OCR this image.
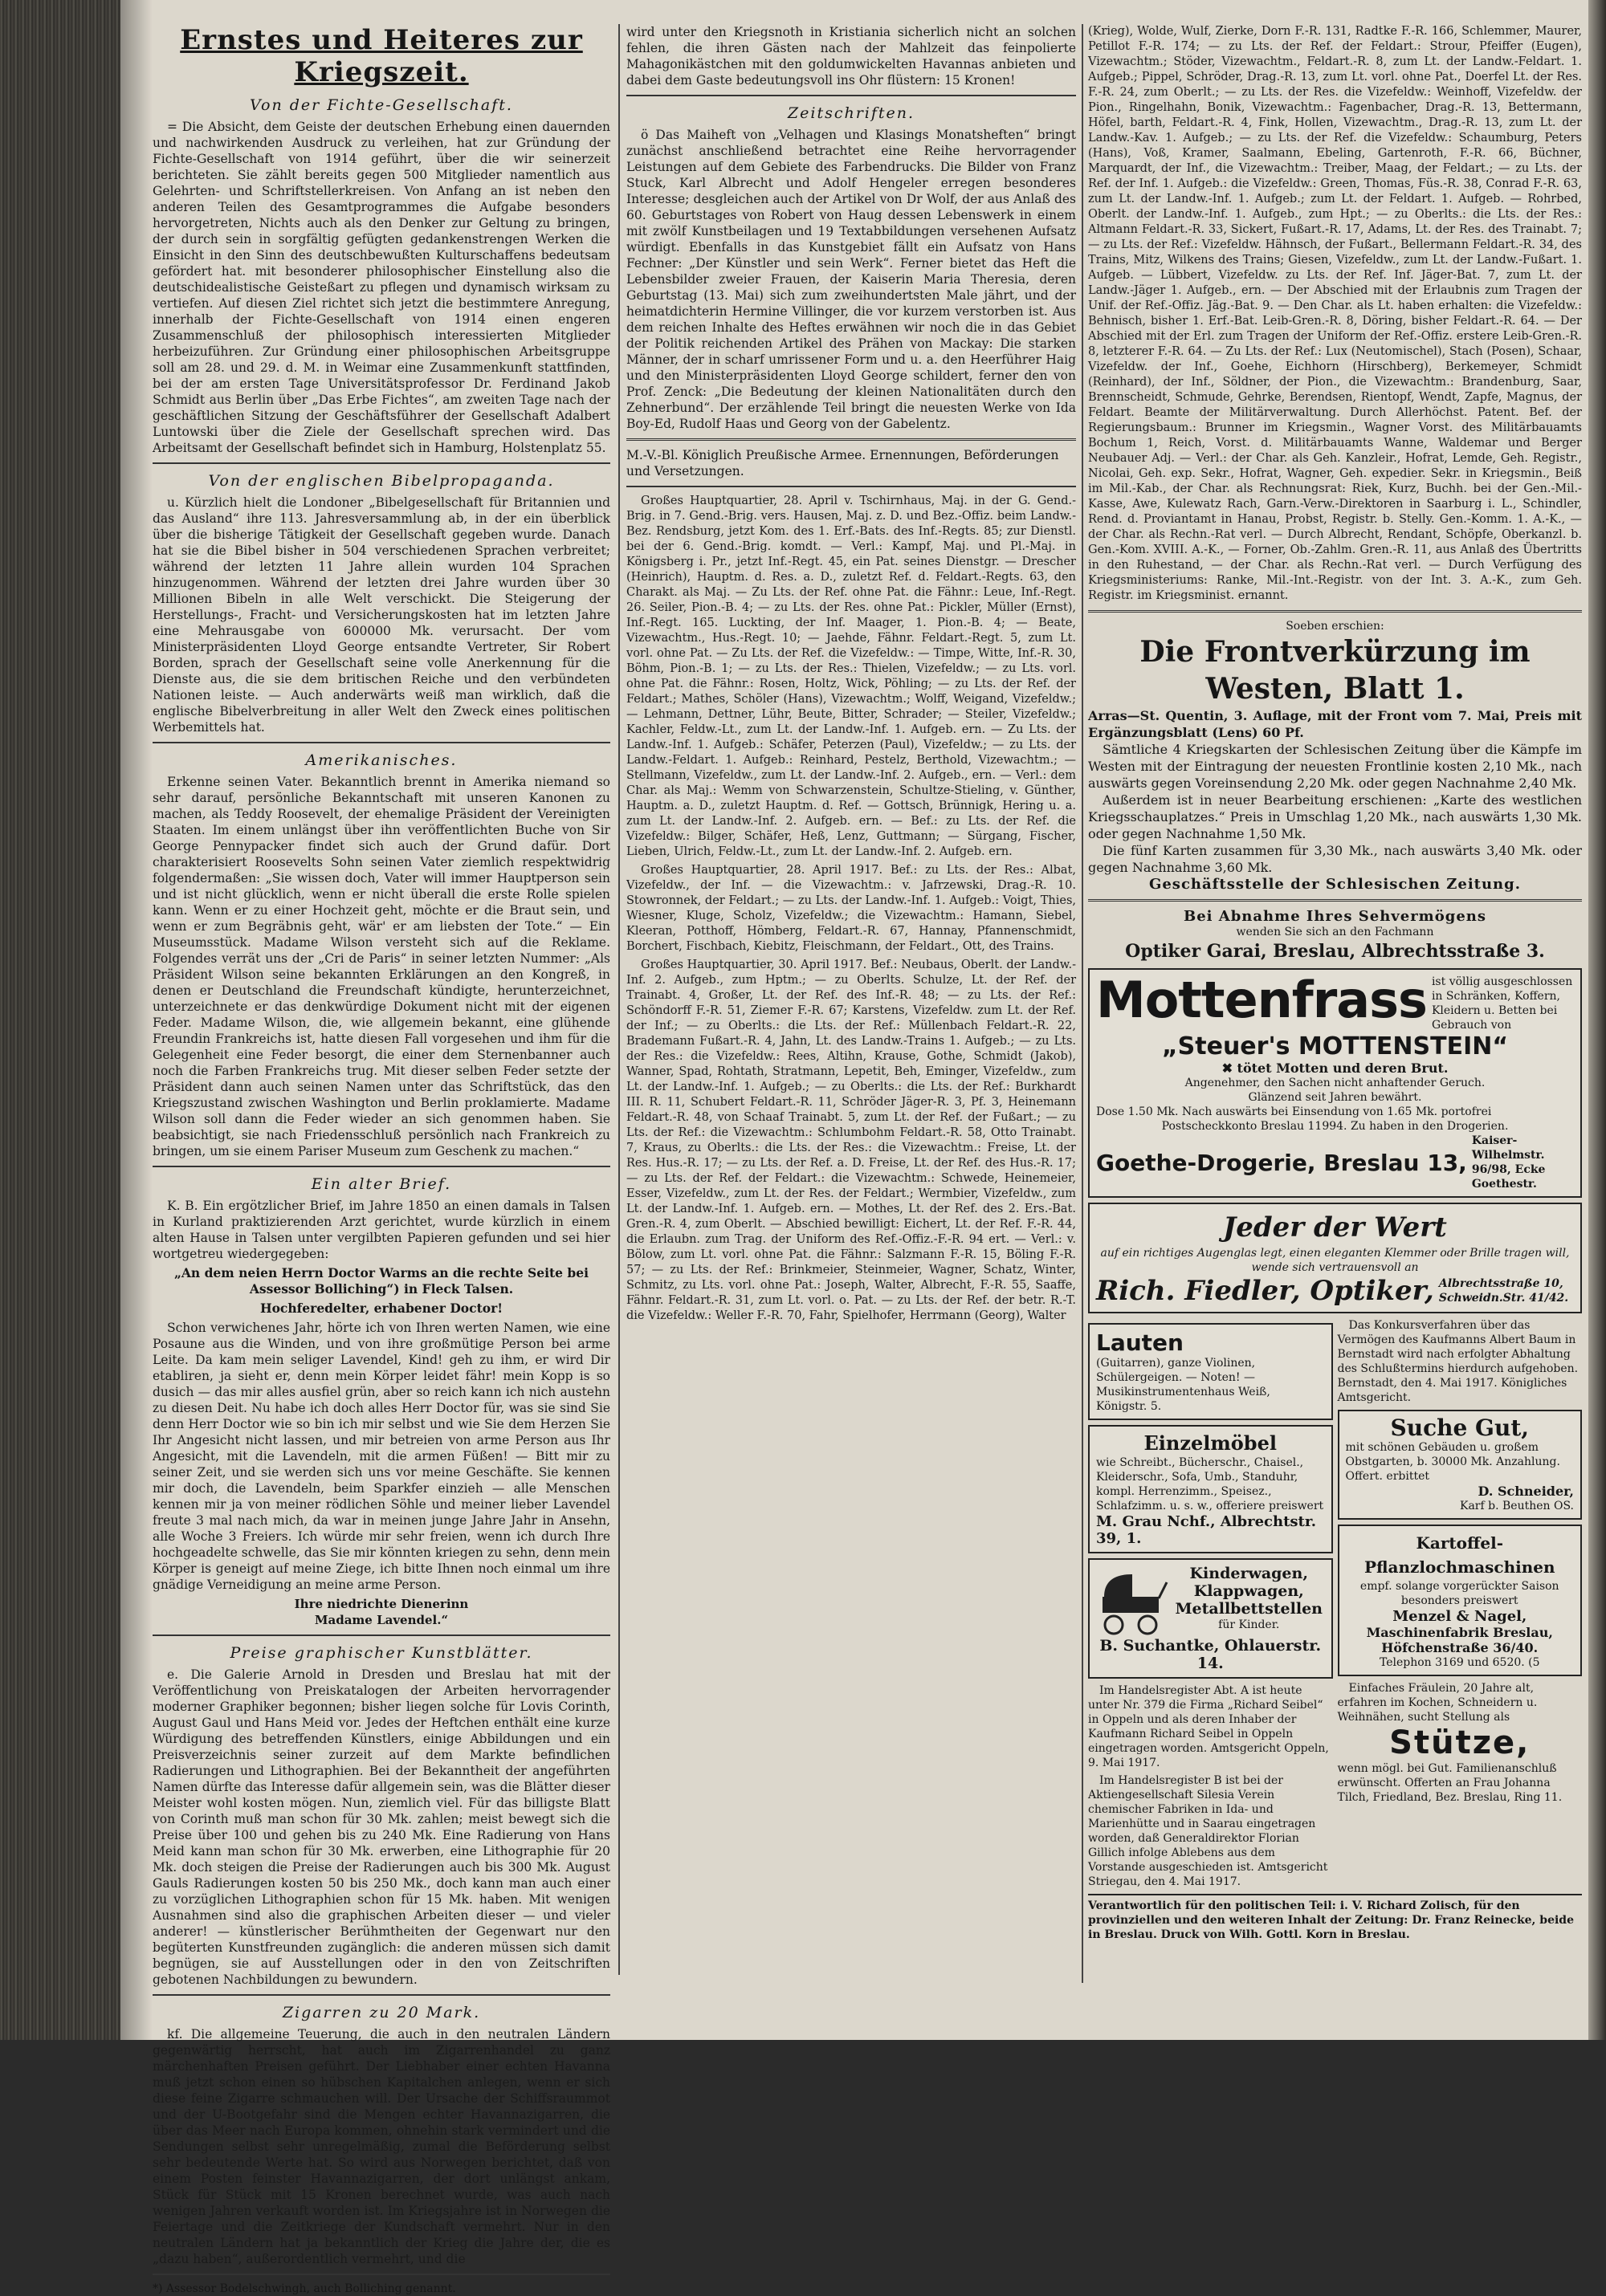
Ernstes und Heiteres zur Kriegszeit.
Von der Fichte-Gesellschaft.
= Die Absicht, dem Geiste der deutschen Erhebung einen dauernden und nachwirkenden Ausdruck zu verleihen, hat zur Gründung der Fichte-Gesellschaft von 1914 geführt, über die wir seinerzeit berichteten. Sie zählt bereits gegen 500 Mitglieder namentlich aus Gelehrten- und Schriftstellerkreisen. Von Anfang an ist neben den anderen Teilen des Gesamtprogrammes die Aufgabe besonders hervorgetreten, Nichts auch als den Denker zur Geltung zu bringen, der durch sein in sorgfältig gefügten gedankenstrengen Werken die Einsicht in den Sinn des deutschbewußten Kulturschaffens bedeutsam gefördert hat. mit besonderer philosophischer Einstellung also die deutschidealistische Geisteßart zu pflegen und dynamisch wirksam zu vertiefen. Auf diesen Ziel richtet sich jetzt die bestimmtere Anregung, innerhalb der Fichte-Gesellschaft von 1914 einen engeren Zusammenschluß der philosophisch interessierten Mitglieder herbeizuführen. Zur Gründung einer philosophischen Arbeitsgruppe soll am 28. und 29. d. M. in Weimar eine Zusammenkunft stattfinden, bei der am ersten Tage Universitätsprofessor Dr. Ferdinand Jakob Schmidt aus Berlin über „Das Erbe Fichtes“, am zweiten Tage nach der geschäftlichen Sitzung der Geschäftsführer der Gesellschaft Adalbert Luntowski über die Ziele der Gesellschaft sprechen wird. Das Arbeitsamt der Gesellschaft befindet sich in Hamburg, Holstenplatz 55.
Von der englischen Bibelpropaganda.
u. Kürzlich hielt die Londoner „Bibelgesellschaft für Britannien und das Ausland“ ihre 113. Jahresversammlung ab, in der ein überblick über die bisherige Tätigkeit der Gesellschaft gegeben wurde. Danach hat sie die Bibel bisher in 504 verschiedenen Sprachen verbreitet; während der letzten 11 Jahre allein wurden 104 Sprachen hinzugenommen. Während der letzten drei Jahre wurden über 30 Millionen Bibeln in alle Welt verschickt. Die Steigerung der Herstellungs-, Fracht- und Versicherungskosten hat im letzten Jahre eine Mehrausgabe von 600000 Mk. verursacht. Der vom Ministerpräsidenten Lloyd George entsandte Vertreter, Sir Robert Borden, sprach der Gesellschaft seine volle Anerkennung für die Dienste aus, die sie dem britischen Reiche und den verbündeten Nationen leiste. — Auch anderwärts weiß man wirklich, daß die englische Bibelverbreitung in aller Welt den Zweck eines politischen Werbemittels hat.
Amerikanisches.
Erkenne seinen Vater. Bekanntlich brennt in Amerika niemand so sehr darauf, persönliche Bekanntschaft mit unseren Kanonen zu machen, als Teddy Roosevelt, der ehemalige Präsident der Vereinigten Staaten. Im einem unlängst über ihn veröffentlichten Buche von Sir George Pennypacker findet sich auch der Grund dafür. Dort charakterisiert Roosevelts Sohn seinen Vater ziemlich respektwidrig folgendermaßen: „Sie wissen doch, Vater will immer Hauptperson sein und ist nicht glücklich, wenn er nicht überall die erste Rolle spielen kann. Wenn er zu einer Hochzeit geht, möchte er die Braut sein, und wenn er zum Begräbnis geht, wär' er am liebsten der Tote.“ — Ein Museumsstück. Madame Wilson versteht sich auf die Reklame. Folgendes verrät uns der „Cri de Paris“ in seiner letzten Nummer: „Als Präsident Wilson seine bekannten Erklärungen an den Kongreß, in denen er Deutschland die Freundschaft kündigte, herunterzeichnet, unterzeichnete er das denkwürdige Dokument nicht mit der eigenen Feder. Madame Wilson, die, wie allgemein bekannt, eine glühende Freundin Frankreichs ist, hatte diesen Fall vorgesehen und ihm für die Gelegenheit eine Feder besorgt, die einer dem Sternenbanner auch noch die Farben Frankreichs trug. Mit dieser selben Feder setzte der Präsident dann auch seinen Namen unter das Schriftstück, das den Kriegszustand zwischen Washington und Berlin proklamierte. Madame Wilson soll dann die Feder wieder an sich genommen haben. Sie beabsichtigt, sie nach Friedensschluß persönlich nach Frankreich zu bringen, um sie einem Pariser Museum zum Geschenk zu machen.“
Ein alter Brief.
K. B. Ein ergötzlicher Brief, im Jahre 1850 an einen damals in Talsen in Kurland praktizierenden Arzt gerichtet, wurde kürzlich in einem alten Hause in Talsen unter vergilbten Papieren gefunden und sei hier wortgetreu wiedergegeben:
„An dem neien Herrn Doctor Warms an die rechte Seite bei Assessor Bolliching“) in Fleck Talsen.
Hochferedelter, erhabener Doctor!
Schon verwichenes Jahr, hörte ich von Ihren werten Namen, wie eine Posaune aus die Winden, und von ihre großmütige Person bei arme Leite. Da kam mein seliger Lavendel, Kind! geh zu ihm, er wird Dir etabliren, ja sieht er, denn mein Körper leidet fähr! mein Kopp is so dusich — das mir alles ausfiel grün, aber so reich kann ich nich austehn zu diesen Deit. Nu habe ich doch alles Herr Doctor für, was sie sind Sie denn Herr Doctor wie so bin ich mir selbst und wie Sie dem Herzen Sie Ihr Angesicht nicht lassen, und mir betreien von arme Person aus Ihr Angesicht, mit die Lavendeln, mit die armen Füßen! — Bitt mir zu seiner Zeit, und sie werden sich uns vor meine Geschäfte. Sie kennen mir doch, die Lavendeln, beim Sparkfer einzieh — alle Menschen kennen mir ja von meiner rödlichen Söhle und meiner lieber Lavendel freute 3 mal nach mich, da war in meinen junge Jahre Jahr in Ansehn, alle Woche 3 Freiers. Ich würde mir sehr freien, wenn ich durch Ihre hochgeadelte schwelle, das Sie mir könnten kriegen zu sehn, denn mein Körper is geneigt auf meine Ziege, ich bitte Ihnen noch einmal um ihre gnädige Verneidigung an meine arme Person.
Ihre niedrichte Dienerinn
Madame Lavendel.“
Preise graphischer Kunstblätter.
e. Die Galerie Arnold in Dresden und Breslau hat mit der Veröffentlichung von Preiskatalogen der Arbeiten hervorragender moderner Graphiker begonnen; bisher liegen solche für Lovis Corinth, August Gaul und Hans Meid vor. Jedes der Heftchen enthält eine kurze Würdigung des betreffenden Künstlers, einige Abbildungen und ein Preisverzeichnis seiner zurzeit auf dem Markte befindlichen Radierungen und Lithographien. Bei der Bekanntheit der angeführten Namen dürfte das Interesse dafür allgemein sein, was die Blätter dieser Meister wohl kosten mögen. Nun, ziemlich viel. Für das billigste Blatt von Corinth muß man schon für 30 Mk. zahlen; meist bewegt sich die Preise über 100 und gehen bis zu 240 Mk. Eine Radierung von Hans Meid kann man schon für 30 Mk. erwerben, eine Lithographie für 20 Mk. doch steigen die Preise der Radierungen auch bis 300 Mk. August Gauls Radierungen kosten 50 bis 250 Mk., doch kann man auch einer zu vorzüglichen Lithographien schon für 15 Mk. haben. Mit wenigen Ausnahmen sind also die graphischen Arbeiten dieser — und vieler anderer! — künstlerischer Berühmtheiten der Gegenwart nur den begüterten Kunstfreunden zugänglich: die anderen müssen sich damit begnügen, sie auf Ausstellungen oder in den von Zeitschriften gebotenen Nachbildungen zu bewundern.
Zigarren zu 20 Mark.
kf. Die allgemeine Teuerung, die auch in den neutralen Ländern gegenwärtig herrscht, hat auch im Zigarrenhandel zu ganz märchenhaften Preisen geführt. Der Liebhaber einer echten Havanna muß jetzt schon einen so hübschen Kapitalchen anlegen, wenn er sich diese feine Zigarre schmauchen will. Der Ursache der Schiffsraummot und der U-Bootgefahr sind die Mengen echter Havannazigarren, die über das Meer nach Europa kommen, ohnehin stark vermindert und die Sendungen selbst sehr unregelmäßig, zumal die Beförderung selbst sehr bedeutende Werte hat. So wird aus Norwegen berichtet, daß von einem Posten feinster Havannazigarren, der dort unlängst ankam, Stück für Stück mit 15 Kronen berechnet wurde, was auch nach wenigen Jahren verkauft worden ist. Im Kriegsjahre ist in Norwegen die Feiertage und die Zeitkriege der Kundschaft vermehrt. Nur in den neutralen Ländern hat ja bekanntlich der Krieg die Jahre der, die es „dazu haben“, außerordentlich vermehrt, und die
*) Assessor Bodelschwingh, auch Bolliching genannt.
wird unter den Kriegsnoth in Kristiania sicherlich nicht an solchen fehlen, die ihren Gästen nach der Mahlzeit das feinpolierte Mahagonikästchen mit den goldumwickelten Havannas anbieten und dabei dem Gaste bedeutungsvoll ins Ohr flüstern: 15 Kronen!
Zeitschriften.
ö Das Maiheft von „Velhagen und Klasings Monatsheften“ bringt zunächst anschließend betrachtet eine Reihe hervorragender Leistungen auf dem Gebiete des Farbendrucks. Die Bilder von Franz Stuck, Karl Albrecht und Adolf Hengeler erregen besonderes Interesse; desgleichen auch der Artikel von Dr Wolf, der aus Anlaß des 60. Geburtstages von Robert von Haug dessen Lebenswerk in einem mit zwölf Kunstbeilagen und 19 Textabbildungen versehenen Aufsatz würdigt. Ebenfalls in das Kunstgebiet fällt ein Aufsatz von Hans Fechner: „Der Künstler und sein Werk“. Ferner bietet das Heft die Lebensbilder zweier Frauen, der Kaiserin Maria Theresia, deren Geburtstag (13. Mai) sich zum zweihundertsten Male jährt, und der heimatdichterin Hermine Villinger, die vor kurzem verstorben ist. Aus dem reichen Inhalte des Heftes erwähnen wir noch die in das Gebiet der Politik reichenden Artikel des Prähen von Mackay: Die starken Männer, der in scharf umrissener Form und u. a. den Heerführer Haig und den Ministerpräsidenten Lloyd George schildert, ferner den von Prof. Zenck: „Die Bedeutung der kleinen Nationalitäten durch den Zehnerbund“. Der erzählende Teil bringt die neuesten Werke von Ida Boy-Ed, Rudolf Haas und Georg von der Gabelentz.
M.-V.-Bl. Königlich Preußische Armee. Ernennungen, Beförderungen und Versetzungen.
Großes Hauptquartier, 28. April v. Tschirnhaus, Maj. in der G. Gend.-Brig. in 7. Gend.-Brig. vers. Hausen, Maj. z. D. und Bez.-Offiz. beim Landw.-Bez. Rendsburg, jetzt Kom. des 1. Erf.-Bats. des Inf.-Regts. 85; zur Dienstl. bei der 6. Gend.-Brig. komdt. — Verl.: Kampf, Maj. und Pl.-Maj. in Königsberg i. Pr., jetzt Inf.-Regt. 45, ein Pat. seines Dienstgr. — Drescher (Heinrich), Hauptm. d. Res. a. D., zuletzt Ref. d. Feldart.-Regts. 63, den Charakt. als Maj. — Zu Lts. der Ref. ohne Pat. die Fähnr.: Leue, Inf.-Regt. 26. Seiler, Pion.-B. 4; — zu Lts. der Res. ohne Pat.: Pickler, Müller (Ernst), Inf.-Regt. 165. Luckting, der Inf. Maager, 1. Pion.-B. 4; — Beate, Vizewachtm., Hus.-Regt. 10; — Jaehde, Fähnr. Feldart.-Regt. 5, zum Lt. vorl. ohne Pat. — Zu Lts. der Ref. die Vizefeldw.: — Timpe, Witte, Inf.-R. 30, Böhm, Pion.-B. 1; — zu Lts. der Res.: Thielen, Vizefeldw.; — zu Lts. vorl. ohne Pat. die Fähnr.: Rosen, Holtz, Wick, Pöhling; — zu Lts. der Ref. der Feldart.; Mathes, Schöler (Hans), Vizewachtm.; Wolff, Weigand, Vizefeldw.; — Lehmann, Dettner, Lühr, Beute, Bitter, Schrader; — Steiler, Vizefeldw.; Kachler, Feldw.-Lt., zum Lt. der Landw.-Inf. 1. Aufgeb. ern. — Zu Lts. der Landw.-Inf. 1. Aufgeb.: Schäfer, Peterzen (Paul), Vizefeldw.; — zu Lts. der Landw.-Feldart. 1. Aufgeb.: Reinhard, Pestelz, Berthold, Vizewachtm.; — Stellmann, Vizefeldw., zum Lt. der Landw.-Inf. 2. Aufgeb., ern. — Verl.: dem Char. als Maj.: Wemm von Schwarzenstein, Schultze-Stieling, v. Günther, Hauptm. a. D., zuletzt Hauptm. d. Ref. — Gottsch, Brünnigk, Hering u. a. zum Lt. der Landw.-Inf. 2. Aufgeb. ern. — Bef.: zu Lts. der Ref. die Vizefeldw.: Bilger, Schäfer, Heß, Lenz, Guttmann; — Sürgang, Fischer, Lieben, Ulrich, Feldw.-Lt., zum Lt. der Landw.-Inf. 2. Aufgeb. ern.
Großes Hauptquartier, 28. April 1917. Bef.: zu Lts. der Res.: Albat, Vizefeldw., der Inf. — die Vizewachtm.: v. Jafrzewski, Drag.-R. 10. Stowronnek, der Feldart.; — zu Lts. der Landw.-Inf. 1. Aufgeb.: Voigt, Thies, Wiesner, Kluge, Scholz, Vizefeldw.; die Vizewachtm.: Hamann, Siebel, Kleeran, Potthoff, Hömberg, Feldart.-R. 67, Hannay, Pfannenschmidt, Borchert, Fischbach, Kiebitz, Fleischmann, der Feldart., Ott, des Trains.
Großes Hauptquartier, 30. April 1917. Bef.: Neubaus, Oberlt. der Landw.-Inf. 2. Aufgeb., zum Hptm.; — zu Oberlts. Schulze, Lt. der Ref. der Trainabt. 4, Großer, Lt. der Ref. des Inf.-R. 48; — zu Lts. der Ref.: Schöndorff F.-R. 51, Ziemer F.-R. 67; Karstens, Vizefeldw. zum Lt. der Ref. der Inf.; — zu Oberlts.: die Lts. der Ref.: Müllenbach Feldart.-R. 22, Brademann Fußart.-R. 4, Jahn, Lt. des Landw.-Trains 1. Aufgeb.; — zu Lts. der Res.: die Vizefeldw.: Rees, Altihn, Krause, Gothe, Schmidt (Jakob), Wanner, Spad, Rohtath, Stratmann, Lepetit, Beh, Eminger, Vizefeldw., zum Lt. der Landw.-Inf. 1. Aufgeb.; — zu Oberlts.: die Lts. der Ref.: Burkhardt III. R. 11, Schubert Feldart.-R. 11, Schröder Jäger-R. 3, Pf. 3, Heinemann Feldart.-R. 48, von Schaaf Trainabt. 5, zum Lt. der Ref. der Fußart.; — zu Lts. der Ref.: die Vizewachtm.: Schlumbohm Feldart.-R. 58, Otto Trainabt. 7, Kraus, zu Oberlts.: die Lts. der Res.: die Vizewachtm.: Freise, Lt. der Res. Hus.-R. 17; — zu Lts. der Ref. a. D. Freise, Lt. der Ref. des Hus.-R. 17; — zu Lts. der Ref. der Feldart.: die Vizewachtm.: Schwede, Heinemeier, Esser, Vizefeldw., zum Lt. der Res. der Feldart.; Wermbier, Vizefeldw., zum Lt. der Landw.-Inf. 1. Aufgeb. ern. — Mothes, Lt. der Ref. des 2. Ers.-Bat. Gren.-R. 4, zum Oberlt. — Abschied bewilligt: Eichert, Lt. der Ref. F.-R. 44, die Erlaubn. zum Trag. der Uniform des Ref.-Offiz.-F.-R. 94 ert. — Verl.: v. Bölow, zum Lt. vorl. ohne Pat. die Fähnr.: Salzmann F.-R. 15, Böling F.-R. 57; — zu Lts. der Ref.: Brinkmeier, Steinmeier, Wagner, Schatz, Winter, Schmitz, zu Lts. vorl. ohne Pat.: Joseph, Walter, Albrecht, F.-R. 55, Saaffe, Fähnr. Feldart.-R. 31, zum Lt. vorl. o. Pat. — zu Lts. der Ref. der betr. R.-T. die Vizefeldw.: Weller F.-R. 70, Fahr, Spielhofer, Herrmann (Georg), Walter
(Krieg), Wolde, Wulf, Zierke, Dorn F.-R. 131, Radtke F.-R. 166, Schlemmer, Maurer, Petillot F.-R. 174; — zu Lts. der Ref. der Feldart.: Strour, Pfeiffer (Eugen), Vizewachtm.; Stöder, Vizewachtm., Feldart.-R. 8, zum Lt. der Landw.-Feldart. 1. Aufgeb.; Pippel, Schröder, Drag.-R. 13, zum Lt. vorl. ohne Pat., Doerfel Lt. der Res. F.-R. 24, zum Oberlt.; — zu Lts. der Res. die Vizefeldw.: Weinhoff, Vizefeldw. der Pion., Ringelhahn, Bonik, Vizewachtm.: Fagenbacher, Drag.-R. 13, Bettermann, Höfel, barth, Feldart.-R. 4, Fink, Hollen, Vizewachtm., Drag.-R. 13, zum Lt. der Landw.-Kav. 1. Aufgeb.; — zu Lts. der Ref. die Vizefeldw.: Schaumburg, Peters (Hans), Voß, Kramer, Saalmann, Ebeling, Gartenroth, F.-R. 66, Büchner, Marquardt, der Inf., die Vizewachtm.: Treiber, Maag, der Feldart.; — zu Lts. der Ref. der Inf. 1. Aufgeb.: die Vizefeldw.: Green, Thomas, Füs.-R. 38, Conrad F.-R. 63, zum Lt. der Landw.-Inf. 1. Aufgeb.; zum Lt. der Feldart. 1. Aufgeb. — Rohrbed, Oberlt. der Landw.-Inf. 1. Aufgeb., zum Hpt.; — zu Oberlts.: die Lts. der Res.: Altmann Feldart.-R. 33, Sickert, Fußart.-R. 17, Adams, Lt. der Res. des Trainabt. 7; — zu Lts. der Ref.: Vizefeldw. Hähnsch, der Fußart., Bellermann Feldart.-R. 34, des Trains, Mitz, Wilkens des Trains; Giesen, Vizefeldw., zum Lt. der Landw.-Fußart. 1. Aufgeb. — Lübbert, Vizefeldw. zu Lts. der Ref. Inf. Jäger-Bat. 7, zum Lt. der Landw.-Jäger 1. Aufgeb., ern. — Der Abschied mit der Erlaubnis zum Tragen der Unif. der Ref.-Offiz. Jäg.-Bat. 9. — Den Char. als Lt. haben erhalten: die Vizefeldw.: Behnisch, bisher 1. Erf.-Bat. Leib-Gren.-R. 8, Döring, bisher Feldart.-R. 64. — Der Abschied mit der Erl. zum Tragen der Uniform der Ref.-Offiz. erstere Leib-Gren.-R. 8, letzterer F.-R. 64. — Zu Lts. der Ref.: Lux (Neutomischel), Stach (Posen), Schaar, Vizefeldw. der Inf., Goehe, Eichhorn (Hirschberg), Berkemeyer, Schmidt (Reinhard), der Inf., Söldner, der Pion., die Vizewachtm.: Brandenburg, Saar, Brennscheidt, Schmude, Gehrke, Berendsen, Rientopf, Wendt, Zapfe, Magnus, der Feldart. Beamte der Militärverwaltung. Durch Allerhöchst. Patent. Bef. der Regierungsbaum.: Brunner im Kriegsmin., Wagner Vorst. des Militärbauamts Bochum 1, Reich, Vorst. d. Militärbauamts Wanne, Waldemar und Berger Neubauer Adj. — Verl.: der Char. als Geh. Kanzleir., Hofrat, Lemde, Geh. Registr., Nicolai, Geh. exp. Sekr., Hofrat, Wagner, Geh. expedier. Sekr. in Kriegsmin., Beiß im Mil.-Kab., der Char. als Rechnungsrat: Riek, Kurz, Buchh. bei der Gen.-Mil.-Kasse, Awe, Kulewatz Rach, Garn.-Verw.-Direktoren in Saarburg i. L., Schindler, Rend. d. Proviantamt in Hanau, Probst, Registr. b. Stelly. Gen.-Komm. 1. A.-K., — der Char. als Rechn.-Rat verl. — Durch Albrecht, Rendant, Schöpfe, Oberkanzl. b. Gen.-Kom. XVIII. A.-K., — Forner, Ob.-Zahlm. Gren.-R. 11, aus Anlaß des Übertritts in den Ruhestand, — der Char. als Rechn.-Rat verl. — Durch Verfügung des Kriegsministeriums: Ranke, Mil.-Int.-Registr. von der Int. 3. A.-K., zum Geh. Registr. im Kriegsminist. ernannt.
Soeben erschien:
Die Frontverkürzung im Westen, Blatt 1.
Arras—St. Quentin, 3. Auflage, mit der Front vom 7. Mai, Preis mit Ergänzungsblatt (Lens) 60 Pf.
Sämtliche 4 Kriegskarten der Schlesischen Zeitung über die Kämpfe im Westen mit der Eintragung der neuesten Frontlinie kosten 2,10 Mk., nach auswärts gegen Voreinsendung 2,20 Mk. oder gegen Nachnahme 2,40 Mk.
Außerdem ist in neuer Bearbeitung erschienen: „Karte des westlichen Kriegsschauplatzes.“ Preis in Umschlag 1,20 Mk., nach auswärts 1,30 Mk. oder gegen Nachnahme 1,50 Mk.
Die fünf Karten zusammen für 3,30 Mk., nach auswärts 3,40 Mk. oder gegen Nachnahme 3,60 Mk.
Geschäftsstelle der Schlesischen Zeitung.
Bei Abnahme Ihres Sehvermögens
wenden Sie sich an den Fachmann
Optiker Garai, Breslau, Albrechtsstraße 3.
Mottenfrass ist völlig ausgeschlossen in Schränken, Koffern, Kleidern u. Betten bei Gebrauch von
„Steuer's MOTTENSTEIN“
✖ tötet Motten und deren Brut.
Angenehmer, den Sachen nicht anhaftender Geruch.
Glänzend seit Jahren bewährt.
Dose 1.50 Mk. Nach auswärts bei Einsendung von 1.65 Mk. portofrei
Postscheckkonto Breslau 11994. Zu haben in den Drogerien.
Goethe-Drogerie, Breslau 13,
Kaiser-Wilhelmstr. 96/98, Ecke Goethestr.
Jeder der Wert
auf ein richtiges Augenglas legt, einen eleganten Klemmer oder Brille tragen will, wende sich vertrauensvoll an
Rich. Fiedler, Optiker, Albrechtsstraße 10, Schweidn.Str. 41/42.
Lauten
(Guitarren), ganze Violinen, Schülergeigen. — Noten! — Musikinstrumentenhaus Weiß, Königstr. 5.
Einzelmöbel
wie Schreibt., Bücherschr., Chaisel., Kleiderschr., Sofa, Umb., Standuhr, kompl. Herrenzimm., Speisez., Schlafzimm. u. s. w., offeriere preiswert
M. Grau Nchf., Albrechtstr. 39, 1.
Kinderwagen,
Klappwagen,
Metallbettstellen
für Kinder.
B. Suchantke, Ohlauerstr. 14.
Im Handelsregister Abt. A ist heute unter Nr. 379 die Firma „Richard Seibel“ in Oppeln und als deren Inhaber der Kaufmann Richard Seibel in Oppeln eingetragen worden. Amtsgericht Oppeln, 9. Mai 1917.
Im Handelsregister B ist bei der Aktiengesellschaft Silesia Verein chemischer Fabriken in Ida- und Marienhütte und in Saarau eingetragen worden, daß Generaldirektor Florian Gillich infolge Ablebens aus dem Vorstande ausgeschieden ist. Amtsgericht Striegau, den 4. Mai 1917.
Das Konkursverfahren über das Vermögen des Kaufmanns Albert Baum in Bernstadt wird nach erfolgter Abhaltung des Schlußtermins hierdurch aufgehoben. Bernstadt, den 4. Mai 1917. Königliches Amtsgericht.
Suche Gut,
mit schönen Gebäuden u. großem Obstgarten, b. 30000 Mk. Anzahlung. Offert. erbittet
D. Schneider,
Karf b. Beuthen OS.
Kartoffel-Pflanzlochmaschinen
empf. solange vorgerückter Saison besonders preiswert
Menzel & Nagel,
Maschinenfabrik Breslau,
Höfchenstraße 36/40.
Telephon 3169 und 6520. (5
Einfaches Fräulein, 20 Jahre alt, erfahren im Kochen, Schneidern u. Weihnähen, sucht Stellung als
Stütze,
wenn mögl. bei Gut. Familienanschluß erwünscht. Offerten an Frau Johanna Tilch, Friedland, Bez. Breslau, Ring 11.
Verantwortlich für den politischen Teil: i. V. Richard Zolisch, für den provinziellen und den weiteren Inhalt der Zeitung: Dr. Franz Reinecke, beide in Breslau. Druck von Wilh. Gottl. Korn in Breslau.
